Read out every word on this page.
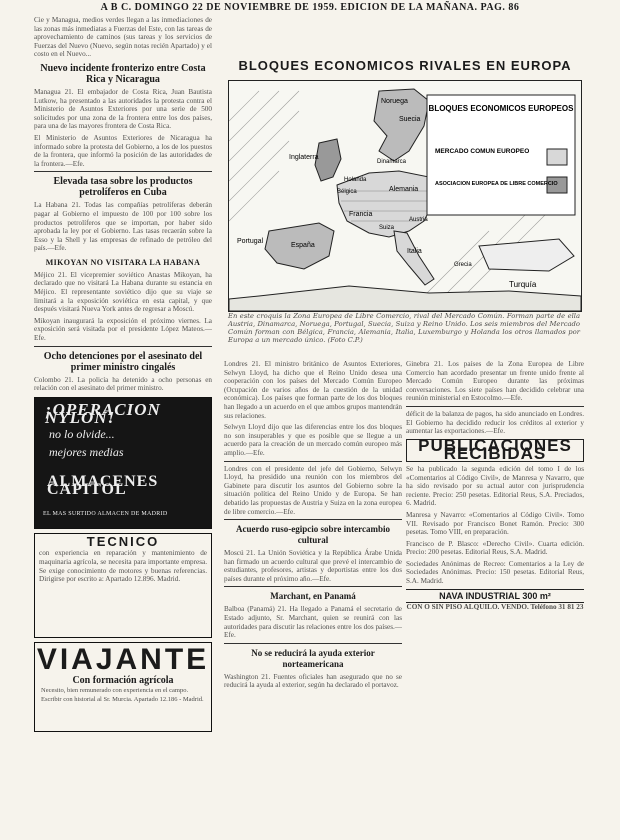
A B C. DOMINGO 22 DE NOVIEMBRE DE 1959. EDICION DE LA MAÑANA. PAG. 86
Cie y Managua, medios verdes llegan a las inmediaciones de las zonas más inmediatas a Fuerzas del Este, con las tareas de aprovechamiento de caminos (sus tareas y los servicios de Fuerzas del Nuevo (Nuevo, según notas recién Apartado) y el costo en el Nuevo...
Nuevo incidente fronterizo entre Costa Rica y Nicaragua
Managua 21. El embajador de Costa Rica, Juan Bautista Lutkow, ha presentado a las autoridades la protesta contra el Ministerio de Asuntos Exteriores por una serie de 500 solicitudes por una zona de la frontera entre los dos países, para una de las mayores frontera de Costa Rica.
El Ministerio de Asuntos Exteriores de Nicaragua ha informado sobre la protesta del Gobierno, a los de los puestos de la frontera, que informó la posición de las autoridades de la frontera.—Efe.
Elevada tasa sobre los productos petrolíferos en Cuba
La Habana 21. Todas las compañías petrolíferas deberán pagar al Gobierno el impuesto de 100 por 100 sobre los productos petrolíferos que se importan, por haber sido aprobada la ley por el Gobierno. Las tasas recaerán sobre la Esso y la Shell y las empresas de refinado de petróleo del país.—Efe.
MIKOYAN NO VISITARA LA HABANA
Méjico 21. El vicepremier soviético Anastas Mikoyan, ha declarado que no visitará La Habana durante su estancia en Méjico. El representante soviético dijo que su viaje se limitará a la exposición soviética en esta capital, y que después visitará Nueva York antes de regresar a Moscú.
Mikoyan inaugurará la exposición el próximo viernes. La exposición será visitada por el presidente López Mateos.—Efe.
Ocho detenciones por el asesinato del primer ministro cingalés
Colombo 21. La policía ha detenido a ocho personas en relación con el asesinato del primer ministro.
¡OPERACION NYLON!
no lo olvide...
mejores medias
ALMACENES CAPITOL
EL MAS SURTIDO ALMACEN DE MADRID
TECNICO
con experiencia en reparación y mantenimiento de maquinaria agrícola, se necesita para importante empresa. Se exige conocimiento de motores y buenas referencias. Dirigirse por escrito a: Apartado 12.896. Madrid.
VIAJANTE
Con formación agrícola
Necesito, bien remunerado con experiencia en el campo. Escribir con historial al Sr. Murcia. Apartado 12.186 - Madrid.
BLOQUES ECONOMICOS RIVALES EN EUROPA
Suecia
Noruega
Inglaterra
Dinamarca
Holanda
Bélgica	Alemania
Francia
Suiza
Austria
Italia
España
Portugal
Turquía
Grecia
BLOQUES ECONOMICOS EUROPEOS
MERCADO COMUN EUROPEO
ASOCIACION EUROPEA DE LIBRE COMERCIO
En este croquis la Zona Europea de Libre Comercio, rival del Mercado Común. Forman parte de ella Austria, Dinamarca, Noruega, Portugal, Suecia, Suiza y Reino Unido. Los seis miembros del Mercado Común forman con Bélgica, Francia, Alemania, Italia, Luxemburgo y Holanda los otros llamados por Europa a un mercado único. (Foto C.P.)
Londres 21. El ministro británico de Asuntos Exteriores, Selwyn Lloyd, ha dicho que el Reino Unido desea una cooperación con los países del Mercado Común Europeo (Ocupación de varios años de la cuestión de la unidad económica). Los países que forman parte de los dos bloques han llegado a un acuerdo en el que ambos grupos mantendrán sus relaciones.
Selwyn Lloyd dijo que las diferencias entre los dos bloques no son insuperables y que es posible que se llegue a un acuerdo para la creación de un mercado común europeo más amplio.—Efe.
Londres con el presidente del jefe del Gobierno, Selwyn Lloyd, ha presidido una reunión con los miembros del Gabinete para discutir los asuntos del Gobierno sobre la situación política del Reino Unido y de Europa. Se han debatido las propuestas de Austria y Suiza en la zona europea de libre comercio.—Efe.
Acuerdo ruso-egipcio sobre intercambio cultural
Moscú 21. La Unión Soviética y la República Árabe Unida han firmado un acuerdo cultural que prevé el intercambio de estudiantes, profesores, artistas y deportistas entre los dos países durante el próximo año.—Efe.
Marchant, en Panamá
Balboa (Panamá) 21. Ha llegado a Panamá el secretario de Estado adjunto, Sr. Marchant, quien se reunirá con las autoridades para discutir las relaciones entre los dos países.—Efe.
No se reducirá la ayuda exterior norteamericana
Washington 21. Fuentes oficiales han asegurado que no se reducirá la ayuda al exterior, según ha declarado el portavoz.
Ginebra 21. Los países de la Zona Europea de Libre Comercio han acordado presentar un frente unido frente al Mercado Común Europeo durante las próximas conversaciones. Los siete países han decidido celebrar una reunión ministerial en Estocolmo.—Efe.
déficit de la balanza de pagos, ha sido anunciado en Londres. El Gobierno ha decidido reducir los créditos al exterior y aumentar las exportaciones.—Efe.
PUBLICACIONES RECIBIDAS
Se ha publicado la segunda edición del tomo I de los «Comentarios al Código Civil», de Manresa y Navarro, que ha sido revisado por su actual autor con jurisprudencia reciente. Precio: 250 pesetas. Editorial Reus, S.A. Preciados, 6. Madrid.
Manresa y Navarro: «Comentarios al Código Civil». Tomo VII. Revisado por Francisco Bonet Ramón. Precio: 300 pesetas. Tomo VIII, en preparación.
Francisco de P. Blasco: «Derecho Civil». Cuarta edición. Precio: 200 pesetas. Editorial Reus, S.A. Madrid.
Sociedades Anónimas de Recreo: Comentarios a la Ley de Sociedades Anónimas. Precio: 150 pesetas. Editorial Reus, S.A. Madrid.
NAVA INDUSTRIAL 300 m²
CON O SIN PISO ALQUILO. VENDO. Teléfono 31 81 23
